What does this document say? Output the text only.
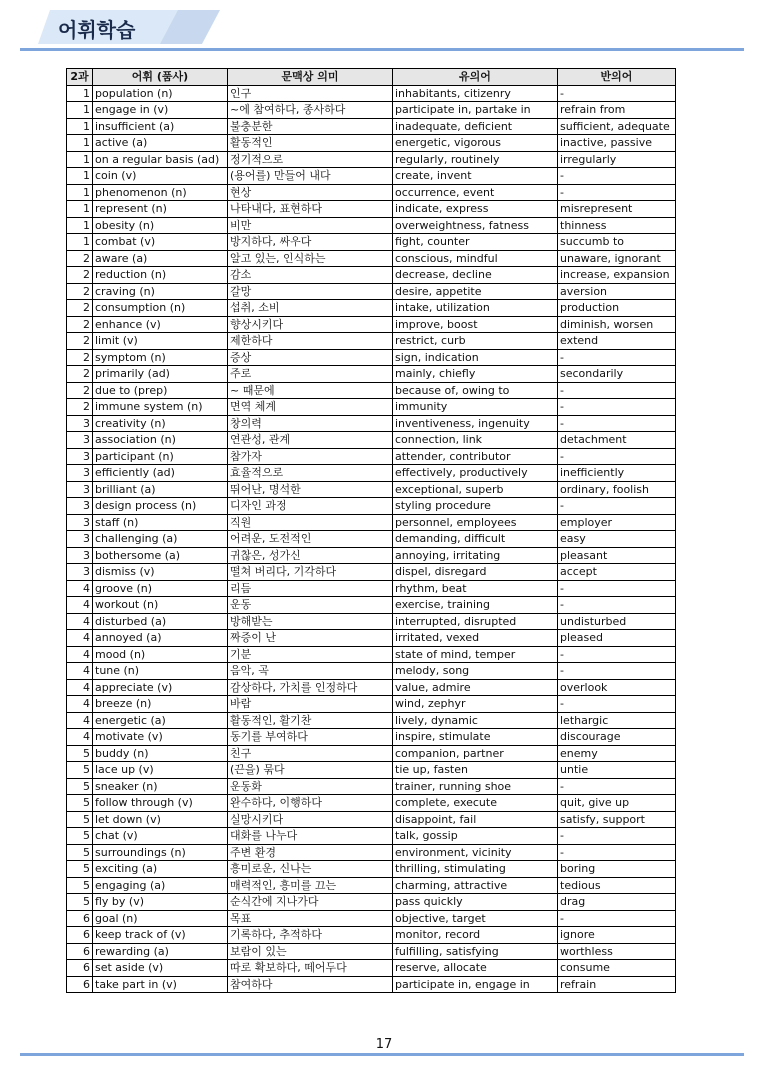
어휘학습
2과	어휘 (품사)	문맥상 의미	유의어	반의어
1	population (n)	인구	inhabitants, citizenry	-
1	engage in (v)	~에 참여하다, 종사하다	participate in, partake in	refrain from
1	insufficient (a)	불충분한	inadequate, deficient	sufficient, adequate
1	active (a)	활동적인	energetic, vigorous	inactive, passive
1	on a regular basis (ad)	정기적으로	regularly, routinely	irregularly
1	coin (v)	(용어를) 만들어 내다	create, invent	-
1	phenomenon (n)	현상	occurrence, event	-
1	represent (n)	나타내다, 표현하다	indicate, express	misrepresent
1	obesity (n)	비만	overweightness, fatness	thinness
1	combat (v)	방지하다, 싸우다	fight, counter	succumb to
2	aware (a)	알고 있는, 인식하는	conscious, mindful	unaware, ignorant
2	reduction (n)	감소	decrease, decline	increase, expansion
2	craving (n)	갈망	desire, appetite	aversion
2	consumption (n)	섭취, 소비	intake, utilization	production
2	enhance (v)	향상시키다	improve, boost	diminish, worsen
2	limit (v)	제한하다	restrict, curb	extend
2	symptom (n)	증상	sign, indication	-
2	primarily (ad)	주로	mainly, chiefly	secondarily
2	due to (prep)	~ 때문에	because of, owing to	-
2	immune system (n)	면역 체계	immunity	-
3	creativity (n)	창의력	inventiveness, ingenuity	-
3	association (n)	연관성, 관계	connection, link	detachment
3	participant (n)	참가자	attender, contributor	-
3	efficiently (ad)	효율적으로	effectively, productively	inefficiently
3	brilliant (a)	뛰어난, 명석한	exceptional, superb	ordinary, foolish
3	design process (n)	디자인 과정	styling procedure	-
3	staff (n)	직원	personnel, employees	employer
3	challenging (a)	어려운, 도전적인	demanding, difficult	easy
3	bothersome (a)	귀찮은, 성가신	annoying, irritating	pleasant
3	dismiss (v)	떨쳐 버리다, 기각하다	dispel, disregard	accept
4	groove (n)	리듬	rhythm, beat	-
4	workout (n)	운동	exercise, training	-
4	disturbed (a)	방해받는	interrupted, disrupted	undisturbed
4	annoyed (a)	짜증이 난	irritated, vexed	pleased
4	mood (n)	기분	state of mind, temper	-
4	tune (n)	음악, 곡	melody, song	-
4	appreciate (v)	감상하다, 가치를 인정하다	value, admire	overlook
4	breeze (n)	바람	wind, zephyr	-
4	energetic (a)	활동적인, 활기찬	lively, dynamic	lethargic
4	motivate (v)	동기를 부여하다	inspire, stimulate	discourage
5	buddy (n)	친구	companion, partner	enemy
5	lace up (v)	(끈을) 묶다	tie up, fasten	untie
5	sneaker (n)	운동화	trainer, running shoe	-
5	follow through (v)	완수하다, 이행하다	complete, execute	quit, give up
5	let down (v)	실망시키다	disappoint, fail	satisfy, support
5	chat (v)	대화를 나누다	talk, gossip	-
5	surroundings (n)	주변 환경	environment, vicinity	-
5	exciting (a)	흥미로운, 신나는	thrilling, stimulating	boring
5	engaging (a)	매력적인, 흥미를 끄는	charming, attractive	tedious
5	fly by (v)	순식간에 지나가다	pass quickly	drag
6	goal (n)	목표	objective, target	-
6	keep track of (v)	기록하다, 추적하다	monitor, record	ignore
6	rewarding (a)	보람이 있는	fulfilling, satisfying	worthless
6	set aside (v)	따로 확보하다, 떼어두다	reserve, allocate	consume
6	take part in (v)	참여하다	participate in, engage in	refrain
17
